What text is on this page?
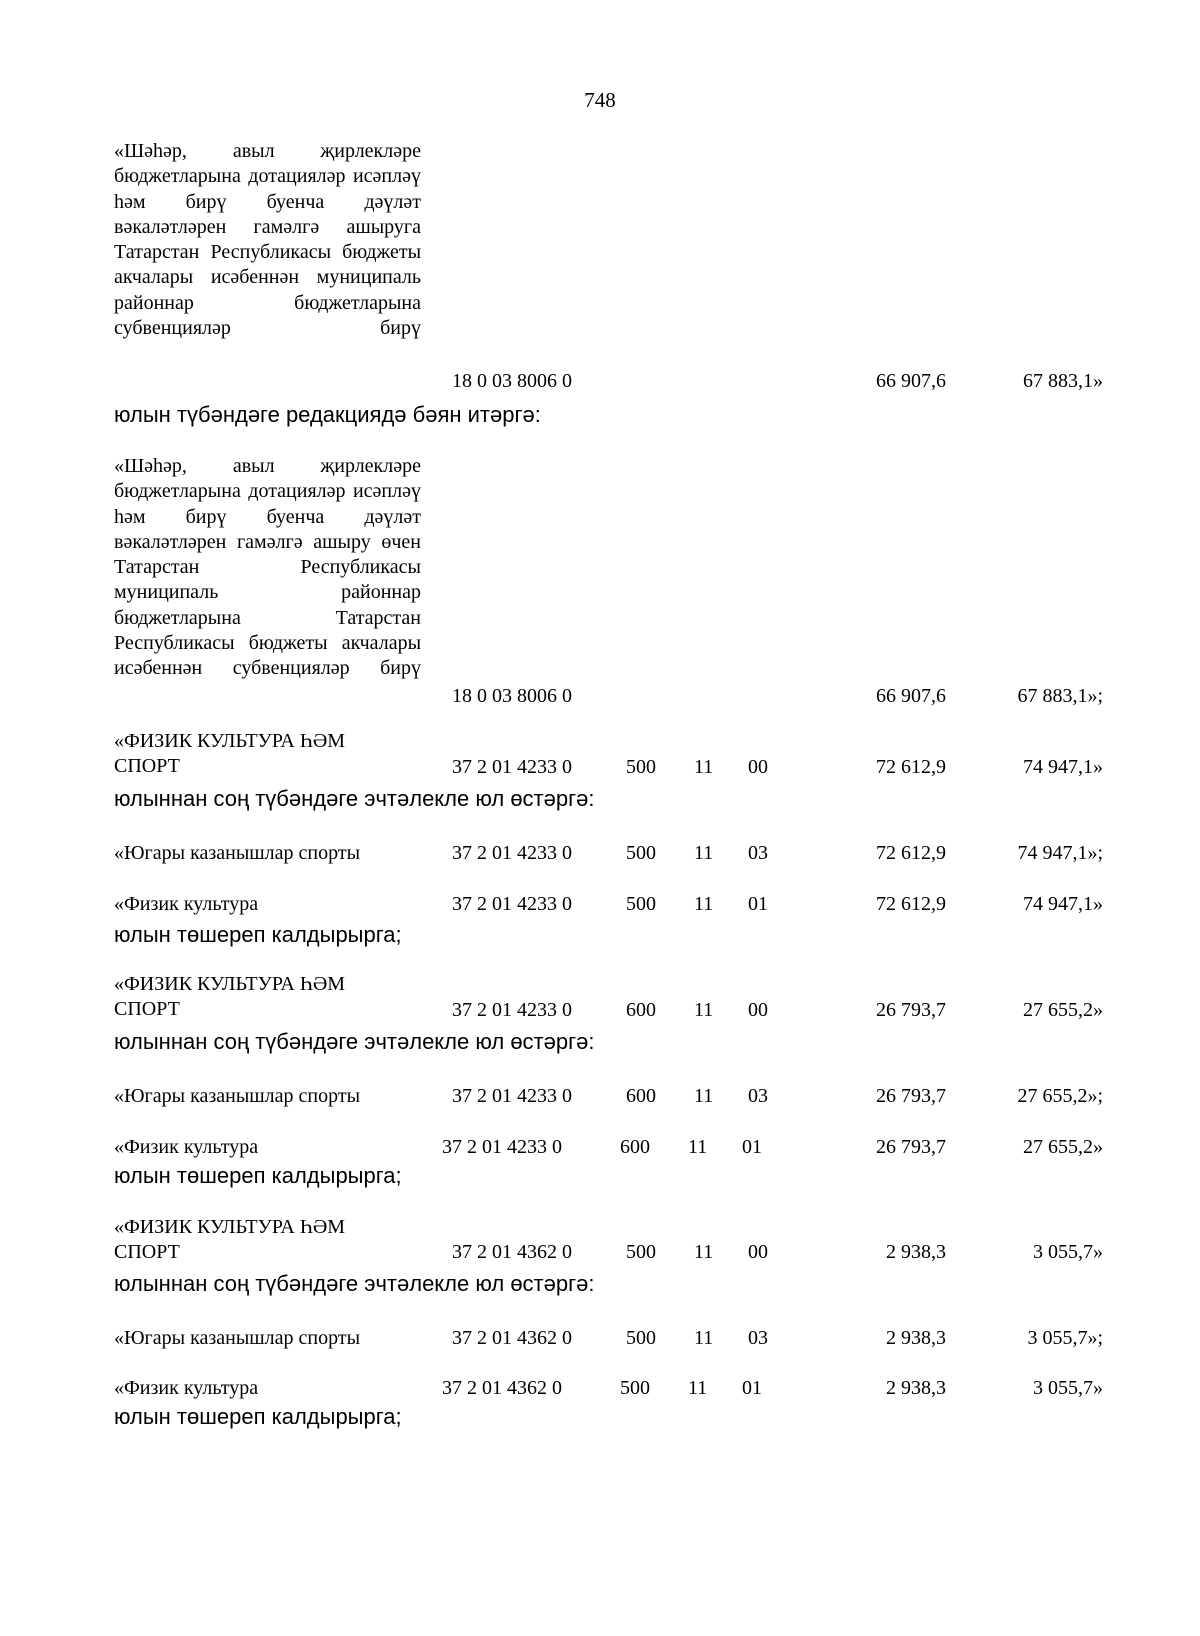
748
«Шәһәр, авыл җирлекләре бюджетларына дотацияләр исәпләү һәм бирү буенча дәүләт вәкаләтләрен гамәлгә ашыруга Татарстан Республикасы бюджеты акчалары исәбеннән муниципаль районнар	бюджетларына субвенцияләр	бирү
18 0 03 8006 0	66 907,6	67 883,1»
юлын түбәндәге редакциядә бәян итәргә:
«Шәһәр, авыл җирлекләре бюджетларына дотацияләр исәпләү һәм бирү буенча дәүләт вәкаләтләрен гамәлгә ашыру өчен Татарстан	Республикасы муниципаль	районнар бюджетларына	Татарстан Республикасы бюджеты акчалары исәбеннән субвенцияләр бирү
18 0 03 8006 0	66 907,6	67 883,1»;
«ФИЗИК КУЛЬТУРА ҺӘМ
СПОРТ	37 2 01 4233 0	500 11 00	72 612,9	74 947,1»
юлыннан соң түбәндәге эчтәлекле юл өстәргә:
«Югары казанышлар спорты	37 2 01 4233 0	500 11 03	72 612,9	74 947,1»;
«Физик культура	37 2 01 4233 0	500 11 01	72 612,9	74 947,1»
юлын төшереп калдырырга;
«ФИЗИК КУЛЬТУРА ҺӘМ
СПОРТ	37 2 01 4233 0	600 11 00	26 793,7	27 655,2»
юлыннан соң түбәндәге эчтәлекле юл өстәргә:
«Югары казанышлар спорты	37 2 01 4233 0	600 11 03	26 793,7	27 655,2»;
«Физик культура	37 2 01 4233 0	600 11 01	26 793,7	27 655,2»
юлын төшереп калдырырга;
«ФИЗИК КУЛЬТУРА ҺӘМ
СПОРТ	37 2 01 4362 0	500 11 00	2 938,3	3 055,7»
юлыннан соң түбәндәге эчтәлекле юл өстәргә:
«Югары казанышлар спорты	37 2 01 4362 0	500 11 03	2 938,3	3 055,7»;
«Физик культура	37 2 01 4362 0	500 11 01	2 938,3	3 055,7»
юлын төшереп калдырырга;
